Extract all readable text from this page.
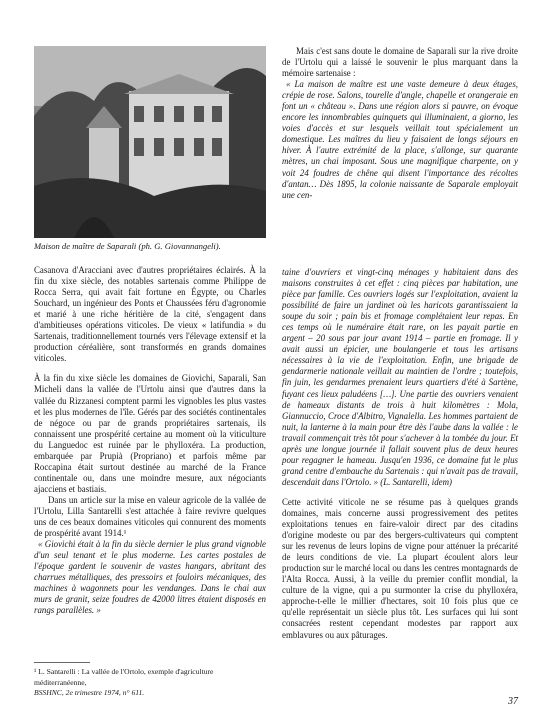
Maison de maître de Saparali (ph. G. Giovannangeli).

Mais c'est sans doute le domaine de Saparali sur la rive droite de l'Urtolu qui a laissé le souvenir le plus marquant dans la mémoire sartenaise :

« La maison de maître est une vaste demeure à deux étages, crépie de rose. Salons, tourelle d'angle, chapelle et orangeraie en font un « château ». Dans une région alors si pauvre, on évoque encore les innombrables quinquets qui illuminaient, a giorno, les voies d'accès et sur lesquels veillait tout spécialement un domestique. Les maîtres du lieu y faisaient de longs séjours en hiver. À l'autre extrémité de la place, s'allonge, sur quarante mètres, un chai imposant. Sous une magnifique charpente, on y voit 24 foudres de chêne qui disent l'importance des récoltes d'antan… Dès 1895, la colonie naissante de Saparale employait une cen-

Casanova d'Aracciani avec d'autres propriétaires éclairés. À la fin du xixe siècle, des notables sartenais comme Philippe de Rocca Serra, qui avait fait fortune en Égypte, ou Charles Souchard, un ingénieur des Ponts et Chaussées féru d'agronomie et marié à une riche héritière de la cité, s'engagent dans d'ambitieuses opérations viticoles. De vieux « latifundia » du Sartenais, traditionnellement tournés vers l'élevage extensif et la production céréalière, sont transformés en grands domaines viticoles.

À la fin du xixe siècle les domaines de Giovichi, Saparali, San Micheli dans la vallée de l'Urtolu ainsi que d'autres dans la vallée du Rizzanesi comptent parmi les vignobles les plus vastes et les plus modernes de l'île. Gérés par des sociétés continentales de négoce ou par de grands propriétaires sartenais, ils connaissent une prospérité certaine au moment où la viticulture du Languedoc est ruinée par le phylloxéra. La production, embarquée par Prupià (Propriano) et parfois même par Roccapina était surtout destinée au marché de la France continentale ou, dans une moindre mesure, aux négociants ajacciens et bastiais.

Dans un article sur la mise en valeur agricole de la vallée de l'Urtolu, Lilla Santarelli s'est attachée à faire revivre quelques uns de ces beaux domaines viticoles qui connurent des moments de prospérité avant 1914.¹

« Giovichi était à la fin du siècle dernier le plus grand vignoble d'un seul tenant et le plus moderne. Les cartes postales de l'époque gardent le souvenir de vastes hangars, abritant des charrues métalliques, des pressoirs et fouloirs mécaniques, des machines à wagonnets pour les vendanges. Dans le chai aux murs de granit, seize foudres de 42000 litres étaient disposés en rangs parallèles. »

taine d'ouvriers et vingt-cinq ménages y habitaient dans des maisons construites à cet effet : cinq pièces par habitation, une pièce par famille. Ces ouvriers logés sur l'exploitation, avaient la possibilité de faire un jardinet où les haricots garantissaient la soupe du soir ; pain bis et fromage complétaient leur repas. En ces temps où le numéraire était rare, on les payait partie en argent – 20 sous par jour avant 1914 – partie en fromage. Il y avait aussi un épicier, une boulangerie et tous les artisans nécessaires à la vie de l'exploitation. Enfin, une brigade de gendarmerie nationale veillait au maintien de l'ordre ; toutefois, fin juin, les gendarmes prenaient leurs quartiers d'été à Sartène, fuyant ces lieux paludéens […]. Une partie des ouvriers venaient de hameaux distants de trois à huit kilomètres : Mola, Giannuccio, Croce d'Albitro, Vignalella. Les hommes partaient de nuit, la lanterne à la main pour être dès l'aube dans la vallée : le travail commençait très tôt pour s'achever à la tombée du jour. Et après une longue journée il fallait souvent plus de deux heures pour regagner le hameau. Jusqu'en 1936, ce domaine fut le plus grand centre d'embauche du Sartenais : qui n'avait pas de travail, descendait dans l'Ortolo. » (L. Santarelli, idem)

Cette activité viticole ne se résume pas à quelques grands domaines, mais concerne aussi progressivement des petites exploitations tenues en faire-valoir direct par des citadins d'origine modeste ou par des bergers-cultivateurs qui comptent sur les revenus de leurs lopins de vigne pour atténuer la précarité de leurs conditions de vie. La plupart écoulent alors leur production sur le marché local ou dans les centres montagnards de l'Alta Rocca. Aussi, à la veille du premier conflit mondial, la culture de la vigne, qui a pu surmonter la crise du phylloxéra, approche-t-elle le millier d'hectares, soit 10 fois plus que ce qu'elle représentait un siècle plus tôt. Les surfaces qui lui sont consacrées restent cependant modestes par rapport aux emblavures ou aux pâturages.

¹ L. Santarelli : La vallée de l'Ortolo, exemple d'agriculture méditerranéenne,
BSSHNC, 2e trimestre 1974, n° 611.
37
